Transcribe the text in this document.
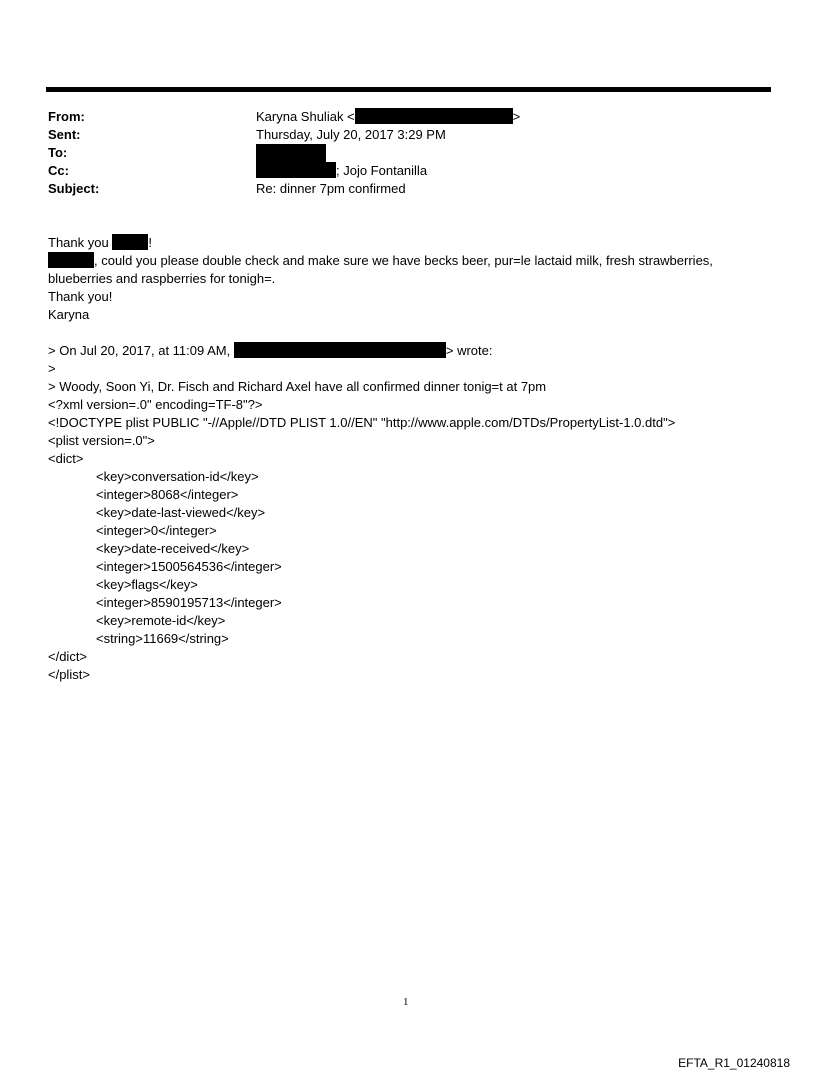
From:	Karyna Shuliak <	>
Sent:	Thursday, July 20, 2017 3:29 PM
To:
Cc:	; Jojo Fontanilla
Subject:	Re: dinner 7pm confirmed
Thank you	!
, could you please double check and make sure we have becks beer, pur=le lactaid milk, fresh strawberries, blueberries and raspberries for tonigh=.
Thank you!
Karyna
> On Jul 20, 2017, at 11:09 AM,	> wrote:
>
> Woody, Soon Yi, Dr. Fisch and Richard Axel have all confirmed dinner tonig=t at 7pm
<?xml version=.0" encoding=TF-8"?>
<!DOCTYPE plist PUBLIC "-//Apple//DTD PLIST 1.0//EN" "http://www.apple.com/DTDs/PropertyList-1.0.dtd">
<plist version=.0">
<dict>
<key>conversation-id</key>
<integer>8068</integer>
<key>date-last-viewed</key>
<integer>0</integer>
<key>date-received</key>
<integer>1500564536</integer>
<key>flags</key>
<integer>8590195713</integer>
<key>remote-id</key>
<string>11669</string>
</dict>
</plist>
1
EFTA_R1_01240818
